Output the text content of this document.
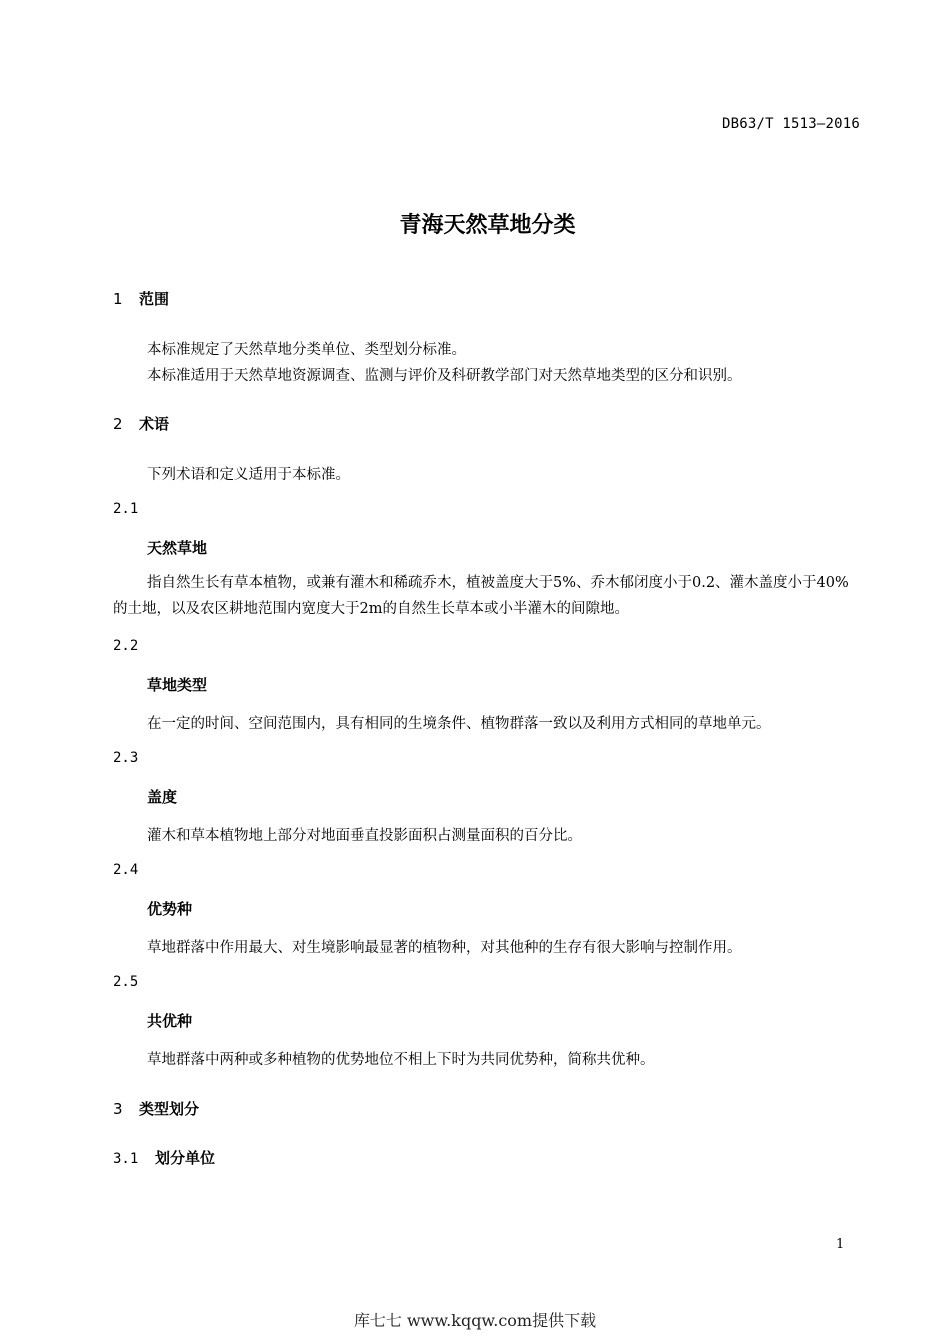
DB63/T 1513—2016
青海天然草地分类
1 范围
本标准规定了天然草地分类单位、类型划分标准。
本标准适用于天然草地资源调查、监测与评价及科研教学部门对天然草地类型的区分和识别。
2 术语
下列术语和定义适用于本标准。
2.1
天然草地
指自然生长有草本植物，或兼有灌木和稀疏乔木，植被盖度大于5%、乔木郁闭度小于0.2、灌木盖度小于40%的土地，以及农区耕地范围内宽度大于2m的自然生长草本或小半灌木的间隙地。
2.2
草地类型
在一定的时间、空间范围内，具有相同的生境条件、植物群落一致以及利用方式相同的草地单元。
2.3
盖度
灌木和草本植物地上部分对地面垂直投影面积占测量面积的百分比。
2.4
优势种
草地群落中作用最大、对生境影响最显著的植物种，对其他种的生存有很大影响与控制作用。
2.5
共优种
草地群落中两种或多种植物的优势地位不相上下时为共同优势种，简称共优种。
3 类型划分
3.1 划分单位
1
库七七 www.kqqw.com提供下载
